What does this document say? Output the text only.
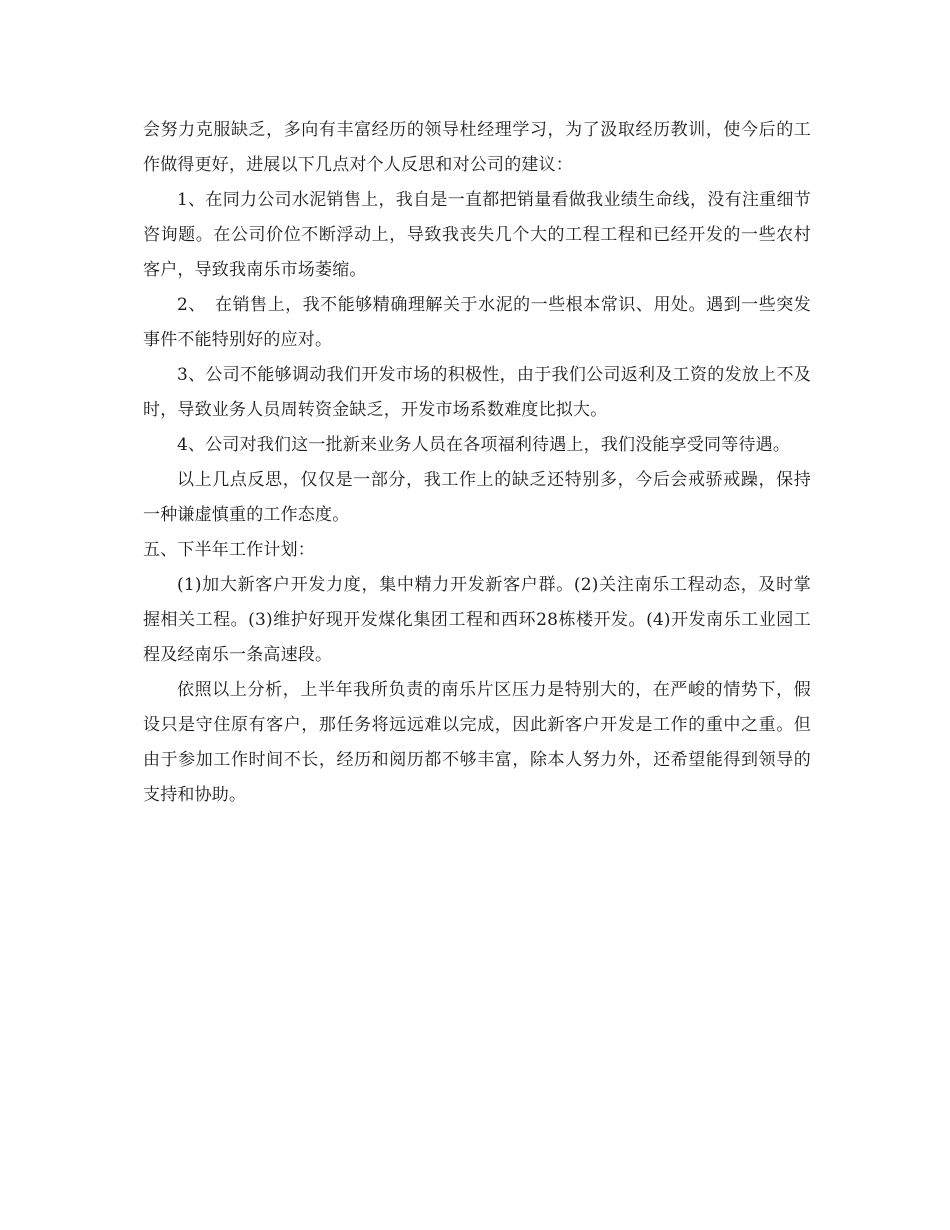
会努力克服缺乏，多向有丰富经历的领导杜经理学习，为了汲取经历教训，使今后的工作做得更好，进展以下几点对个人反思和对公司的建议：

1、在同力公司水泥销售上，我自是一直都把销量看做我业绩生命线，没有注重细节咨询题。在公司价位不断浮动上，导致我丧失几个大的工程工程和已经开发的一些农村客户，导致我南乐市场萎缩。

2、　在销售上，我不能够精确理解关于水泥的一些根本常识、用处。遇到一些突发事件不能特别好的应对。

3、公司不能够调动我们开发市场的积极性，由于我们公司返利及工资的发放上不及时，导致业务人员周转资金缺乏，开发市场系数难度比拟大。

4、公司对我们这一批新来业务人员在各项福利待遇上，我们没能享受同等待遇。

以上几点反思，仅仅是一部分，我工作上的缺乏还特别多，今后会戒骄戒躁，保持一种谦虚慎重的工作态度。

五、下半年工作计划：

(1)加大新客户开发力度，集中精力开发新客户群。(2)关注南乐工程动态，及时掌握相关工程。(3)维护好现开发煤化集团工程和西环28栋楼开发。(4)开发南乐工业园工程及经南乐一条高速段。

依照以上分析，上半年我所负责的南乐片区压力是特别大的，在严峻的情势下，假设只是守住原有客户，那任务将远远难以完成，因此新客户开发是工作的重中之重。但由于参加工作时间不长，经历和阅历都不够丰富，除本人努力外，还希望能得到领导的支持和协助。
